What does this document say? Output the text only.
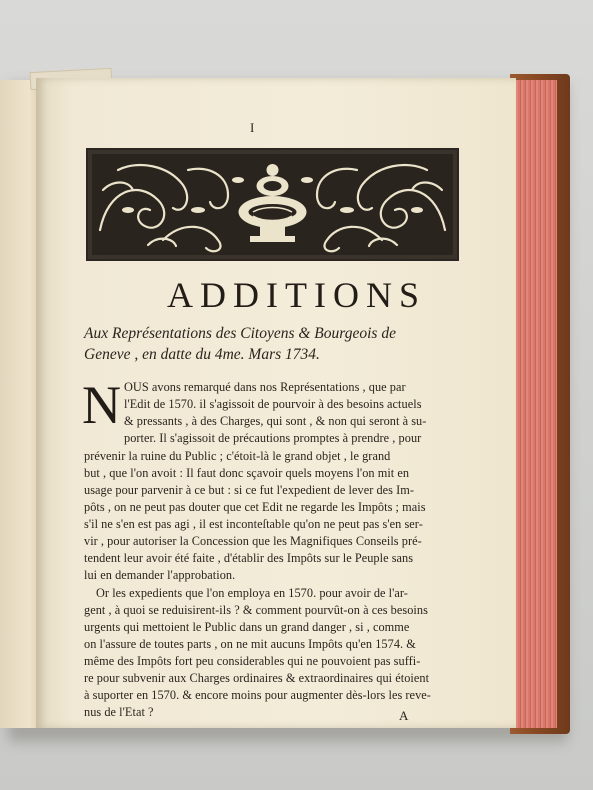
I
ADDITIONS
Aux Représentations des Citoyens & Bourgeois de
Geneve , en datte du 4me. Mars 1734.
N OUS avons remarqué dans nos Représentations , que par
l'Edit de 1570. il s'agissoit de pourvoir à des besoins actuels
& pressants , à des Charges, qui sont , & non qui seront à su-
porter. Il s'agissoit de précautions promptes à prendre , pour
prévenir la ruine du Public ; c'étoit-là le grand objet , le grand
but , que l'on avoit : Il faut donc sçavoir quels moyens l'on mit en
usage pour parvenir à ce but : si ce fut l'expedient de lever des Im-
pôts , on ne peut pas douter que cet Edit ne regarde les Impôts ; mais
s'il ne s'en est pas agi , il est inconteſtable qu'on ne peut pas s'en ser-
vir , pour autoriser la Concession que les Magnifiques Conseils pré-
tendent leur avoir été faite , d'établir des Impôts sur le Peuple sans
lui en demander l'approbation.
Or les expedients que l'on employa en 1570. pour avoir de l'ar-
gent , à quoi se reduisirent-ils ? & comment pourvût-on à ces besoins
urgents qui mettoient le Public dans un grand danger , si , comme
on l'assure de toutes parts , on ne mit aucuns Impôts qu'en 1574. &
même des Impôts fort peu considerables qui ne pouvoient pas suffi-
re pour subvenir aux Charges ordinaires & extraordinaires qui étoient
à suporter en 1570. & encore moins pour augmenter dès-lors les reve-
nus de l'Etat ?	A
